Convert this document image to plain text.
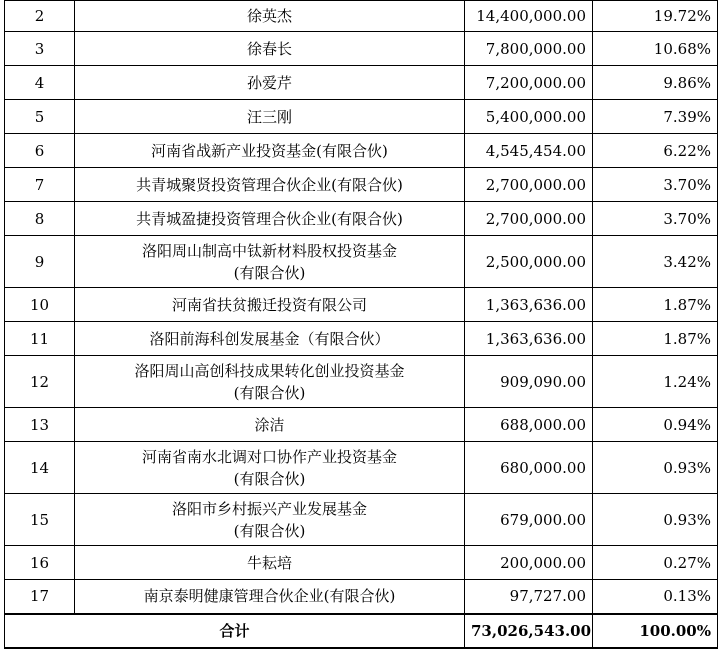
2	徐英杰	14,400,000.00	19.72%
3	徐春长	7,800,000.00	10.68%
4	孙爱芹	7,200,000.00	9.86%
5	汪三刚	5,400,000.00	7.39%
6	河南省战新产业投资基金(有限合伙)	4,545,454.00	6.22%
7	共青城聚贤投资管理合伙企业(有限合伙)	2,700,000.00	3.70%
8	共青城盈捷投资管理合伙企业(有限合伙)	2,700,000.00	3.70%
9	洛阳周山制高中钛新材料股权投资基金
(有限合伙)	2,500,000.00	3.42%
10	河南省扶贫搬迁投资有限公司	1,363,636.00	1.87%
11	洛阳前海科创发展基金（有限合伙）	1,363,636.00	1.87%
12	洛阳周山高创科技成果转化创业投资基金
(有限合伙)	909,090.00	1.24%
13	涂洁	688,000.00	0.94%
14	河南省南水北调对口协作产业投资基金
(有限合伙)	680,000.00	0.93%
15	洛阳市乡村振兴产业发展基金
(有限合伙)	679,000.00	0.93%
16	牛耘培	200,000.00	0.27%
17	南京泰明健康管理合伙企业(有限合伙)	97,727.00	0.13%
合计		73,026,543.00	100.00%
